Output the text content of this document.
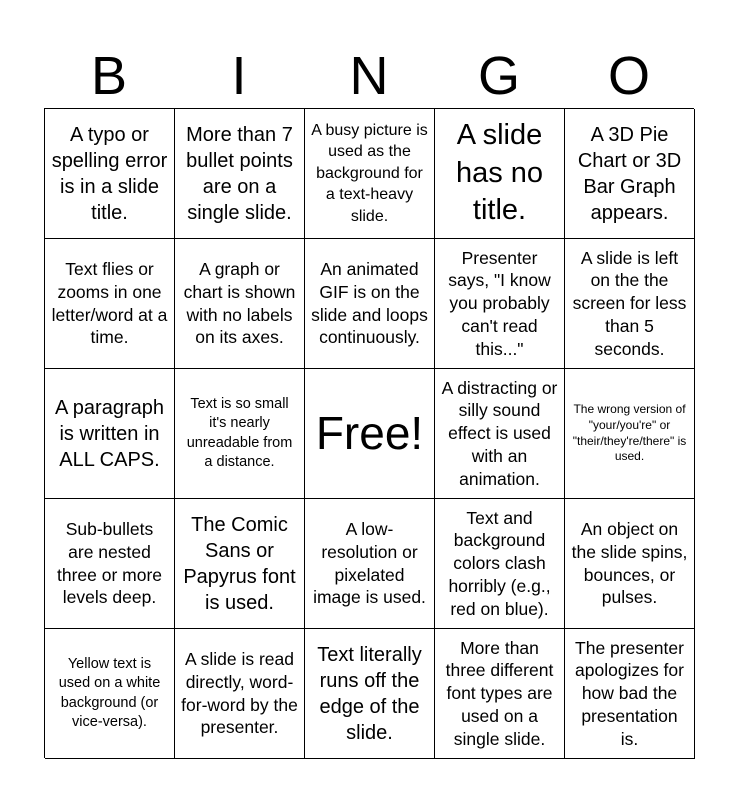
B	I	N	G	O
A typo or spelling error is in a slide title.
More than 7 bullet points are on a single slide.
A busy picture is used as the background for a text-heavy slide.
A slide has no title.
A 3D Pie Chart or 3D Bar Graph appears.
Text flies or zooms in one letter/word at a time.
A graph or chart is shown with no labels on its axes.
An animated GIF is on the slide and loops continuously.
Presenter says, "I know you probably can't read this..."
A slide is left on the the screen for less than 5 seconds.
A paragraph is written in ALL CAPS.
Text is so small it's nearly unreadable from a distance.
Free!
A distracting or silly sound effect is used with an animation.
The wrong version of "your/you're" or "their/they're/there" is used.
Sub-bullets are nested three or more levels deep.
The Comic Sans or Papyrus font is used.
A low-resolution or pixelated image is used.
Text and background colors clash horribly (e.g., red on blue).
An object on the slide spins, bounces, or pulses.
Yellow text is used on a white background (or vice-versa).
A slide is read directly, word-for-word by the presenter.
Text literally runs off the edge of the slide.
More than three different font types are used on a single slide.
The presenter apologizes for how bad the presentation is.
